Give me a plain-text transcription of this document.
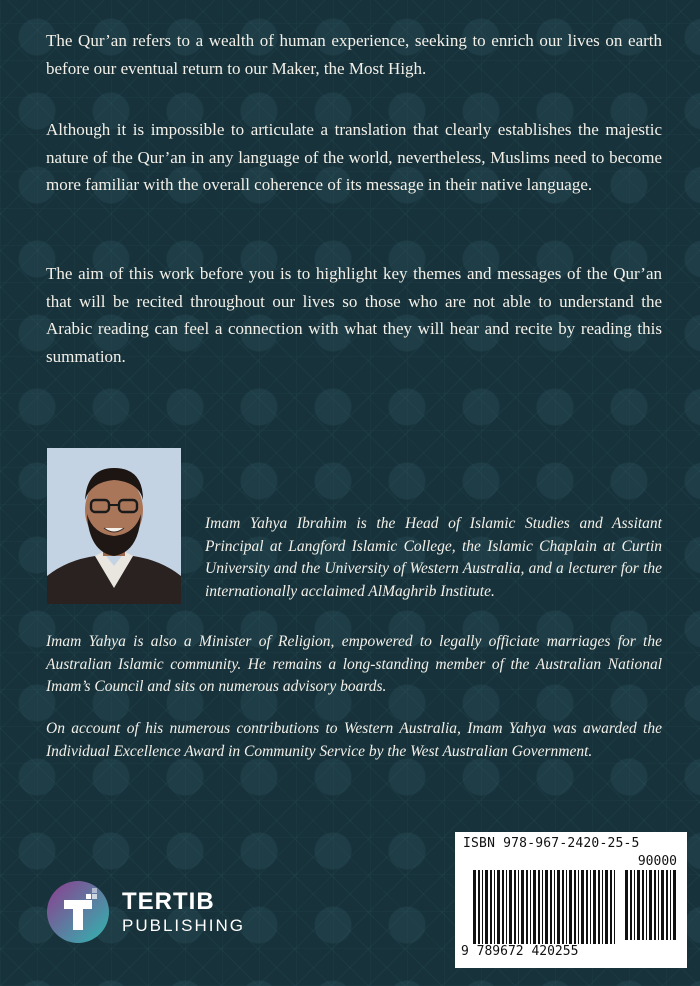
The Qur’an refers to a wealth of human experience, seeking to enrich our lives on earth before our eventual return to our Maker, the Most High.

Although it is impossible to articulate a translation that clearly establishes the majestic nature of the Qur’an in any language of the world, nevertheless, Muslims need to become more familiar with the overall coherence of its message in their native language.

The aim of this work before you is to highlight key themes and messages of the Qur’an that will be recited throughout our lives so those who are not able to understand the Arabic reading can feel a connection with what they will hear and recite by reading this summation.

Imam Yahya Ibrahim is the Head of Islamic Studies and Assitant Principal at Langford Islamic College, the Islamic Chaplain at Curtin University and the University of Western Australia, and a lecturer for the internationally acclaimed AlMaghrib Institute.

Imam Yahya is also a Minister of Religion, empowered to legally officiate marriages for the Australian Islamic community. He remains a long-standing member of the Australian National Imam’s Council and sits on numerous advisory boards.

On account of his numerous contributions to Western Australia, Imam Yahya was awarded the Individual Excellence Award in Community Service by the West Australian Government.

TERTIB
PUBLISHING
ISBN 978-967-2420-25-5
90000
9 789672 420255
